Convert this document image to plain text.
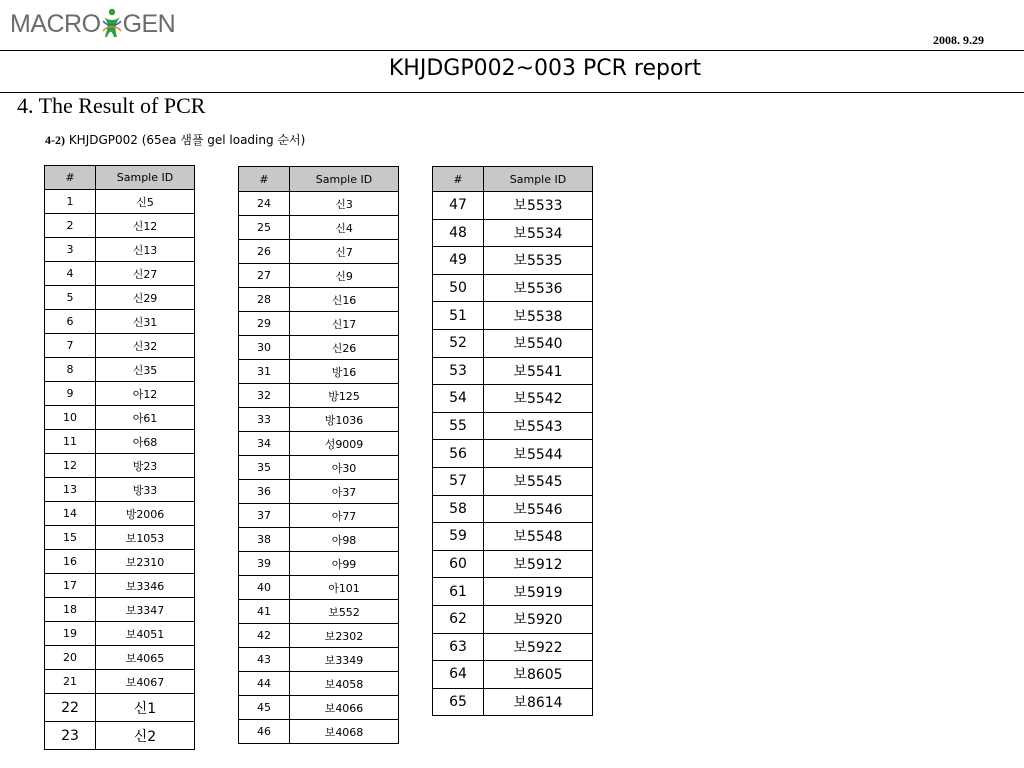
MACRO GEN
2008. 9.29
KHJDGP002~003 PCR report
4. The Result of PCR
4-2) KHJDGP002 (65ea 샘플 gel loading 순서)
#	Sample ID
1	신5
2	신12
3	신13
4	신27
5	신29
6	신31
7	신32
8	신35
9	아12
10	아61
11	아68
12	방23
13	방33
14	방2006
15	보1053
16	보2310
17	보3346
18	보3347
19	보4051
20	보4065
21	보4067
22	신1
23	신2
#	Sample ID
24	신3
25	신4
26	신7
27	신9
28	신16
29	신17
30	신26
31	방16
32	방125
33	방1036
34	성9009
35	아30
36	아37
37	아77
38	아98
39	아99
40	아101
41	보552
42	보2302
43	보3349
44	보4058
45	보4066
46	보4068
#	Sample ID
47	보5533
48	보5534
49	보5535
50	보5536
51	보5538
52	보5540
53	보5541
54	보5542
55	보5543
56	보5544
57	보5545
58	보5546
59	보5548
60	보5912
61	보5919
62	보5920
63	보5922
64	보8605
65	보8614
